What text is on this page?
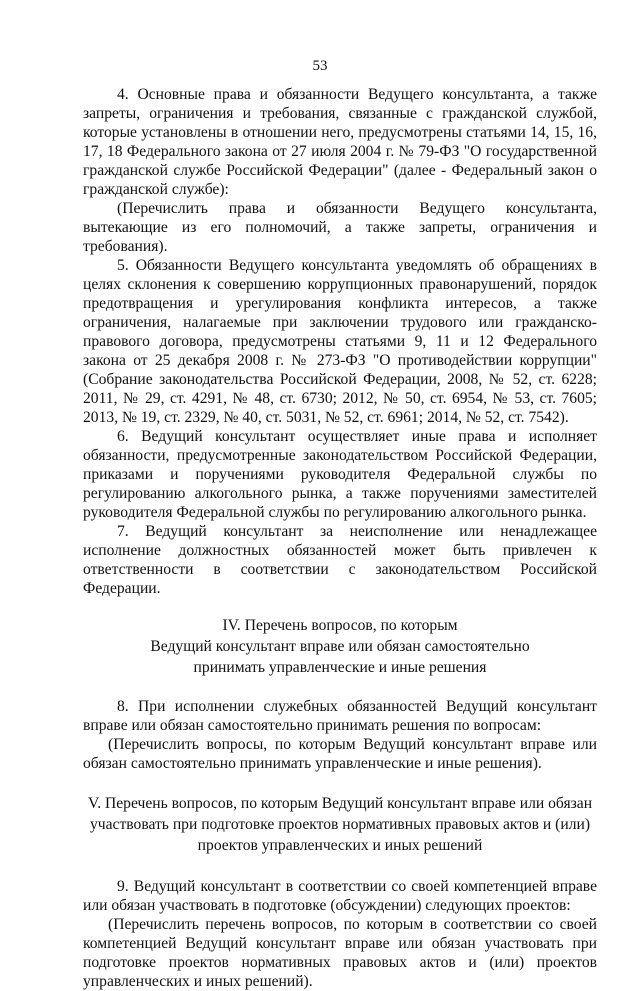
53

4. Основные права и обязанности Ведущего консультанта, а также запреты, ограничения и требования, связанные с гражданской службой, которые установлены в отношении него, предусмотрены статьями 14, 15, 16, 17, 18 Федерального закона от 27 июля 2004 г. № 79-ФЗ "О государственной гражданской службе Российской Федерации" (далее - Федеральный закон о гражданской службе):

(Перечислить права и обязанности Ведущего консультанта, вытекающие из его полномочий, а также запреты, ограничения и требования).

5. Обязанности Ведущего консультанта уведомлять об обращениях в целях склонения к совершению коррупционных правонарушений, порядок предотвращения и урегулирования конфликта интересов, а также ограничения, налагаемые при заключении трудового или гражданско-правового договора, предусмотрены статьями 9, 11 и 12 Федерального закона от 25 декабря 2008 г. № 273-ФЗ "О противодействии коррупции" (Собрание законодательства Российской Федерации, 2008, № 52, ст. 6228; 2011, № 29, ст. 4291, № 48, ст. 6730; 2012, № 50, ст. 6954, № 53, ст. 7605; 2013, № 19, ст. 2329, № 40, ст. 5031, № 52, ст. 6961; 2014, № 52, ст. 7542).

6. Ведущий консультант осуществляет иные права и исполняет обязанности, предусмотренные законодательством Российской Федерации, приказами и поручениями руководителя Федеральной службы по регулированию алкогольного рынка, а также поручениями заместителей руководителя Федеральной службы по регулированию алкогольного рынка.

7. Ведущий консультант за неисполнение или ненадлежащее исполнение должностных обязанностей может быть привлечен к ответственности в соответствии с законодательством Российской Федерации.

IV. Перечень вопросов, по которым
Ведущий консультант вправе или обязан самостоятельно
принимать управленческие и иные решения

8. При исполнении служебных обязанностей Ведущий консультант вправе или обязан самостоятельно принимать решения по вопросам:

(Перечислить вопросы, по которым Ведущий консультант вправе или обязан самостоятельно принимать управленческие и иные решения).

V. Перечень вопросов, по которым Ведущий консультант вправе или обязан
участвовать при подготовке проектов нормативных правовых актов и (или)
проектов управленческих и иных решений

9. Ведущий консультант в соответствии со своей компетенцией вправе или обязан участвовать в подготовке (обсуждении) следующих проектов:

(Перечислить перечень вопросов, по которым в соответствии со своей компетенцией Ведущий консультант вправе или обязан участвовать при подготовке проектов нормативных правовых актов и (или) проектов управленческих и иных решений).
